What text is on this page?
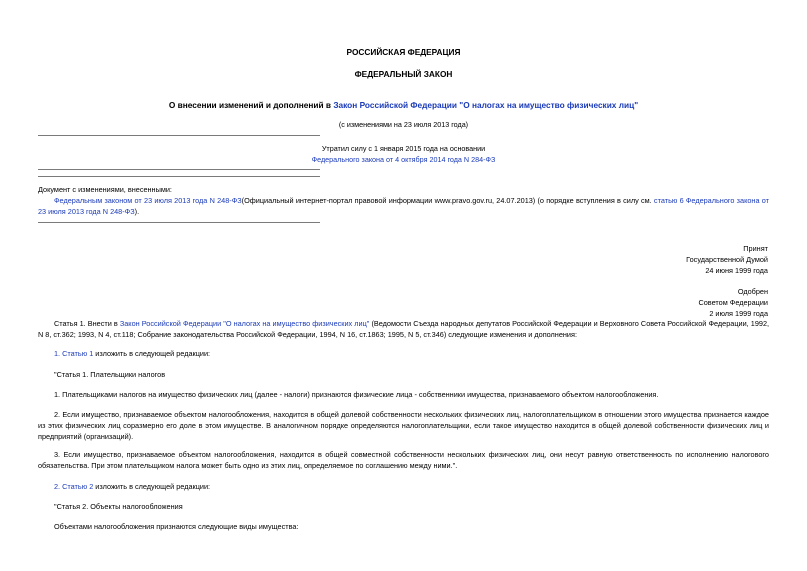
РОССИЙСКАЯ ФЕДЕРАЦИЯ
ФЕДЕРАЛЬНЫЙ ЗАКОН
О внесении изменений и дополнений в Закон Российской Федерации "О налогах на имущество физических лиц"
(с изменениями на 23 июля 2013 года)
Утратил силу с 1 января 2015 года на основании
Федерального закона от 4 октября 2014 года N 284-ФЗ
Документ с изменениями, внесенными:
Федеральным законом от 23 июля 2013 года N 248-ФЗ(Официальный интернет-портал правовой информации www.pravo.gov.ru, 24.07.2013) (о порядке вступления в силу см. статью 6 Федерального закона от 23 июля 2013 года N 248-ФЗ).
Принят
Государственной Думой
24 июня 1999 года
Одобрен
Советом Федерации
2 июля 1999 года
Статья 1. Внести в Закон Российской Федерации "О налогах на имущество физических лиц" (Ведомости Съезда народных депутатов Российской Федерации и Верховного Совета Российской Федерации, 1992, N 8, ст.362; 1993, N 4, ст.118; Собрание законодательства Российской Федерации, 1994, N 16, ст.1863; 1995, N 5, ст.346) следующие изменения и дополнения:
1. Статью 1 изложить в следующей редакции:
"Статья 1. Плательщики налогов
1. Плательщиками налогов на имущество физических лиц (далее - налоги) признаются физические лица - собственники имущества, признаваемого объектом налогообложения.
2. Если имущество, признаваемое объектом налогообложения, находится в общей долевой собственности нескольких физических лиц, налогоплательщиком в отношении этого имущества признается каждое из этих физических лиц соразмерно его доле в этом имуществе. В аналогичном порядке определяются налогоплательщики, если такое имущество находится в общей долевой собственности физических лиц и предприятий (организаций).
3. Если имущество, признаваемое объектом налогообложения, находится в общей совместной собственности нескольких физических лиц, они несут равную ответственность по исполнению налогового обязательства. При этом плательщиком налога может быть одно из этих лиц, определяемое по соглашению между ними.".
2. Статью 2 изложить в следующей редакции:
"Статья 2. Объекты налогообложения
Объектами налогообложения признаются следующие виды имущества:
